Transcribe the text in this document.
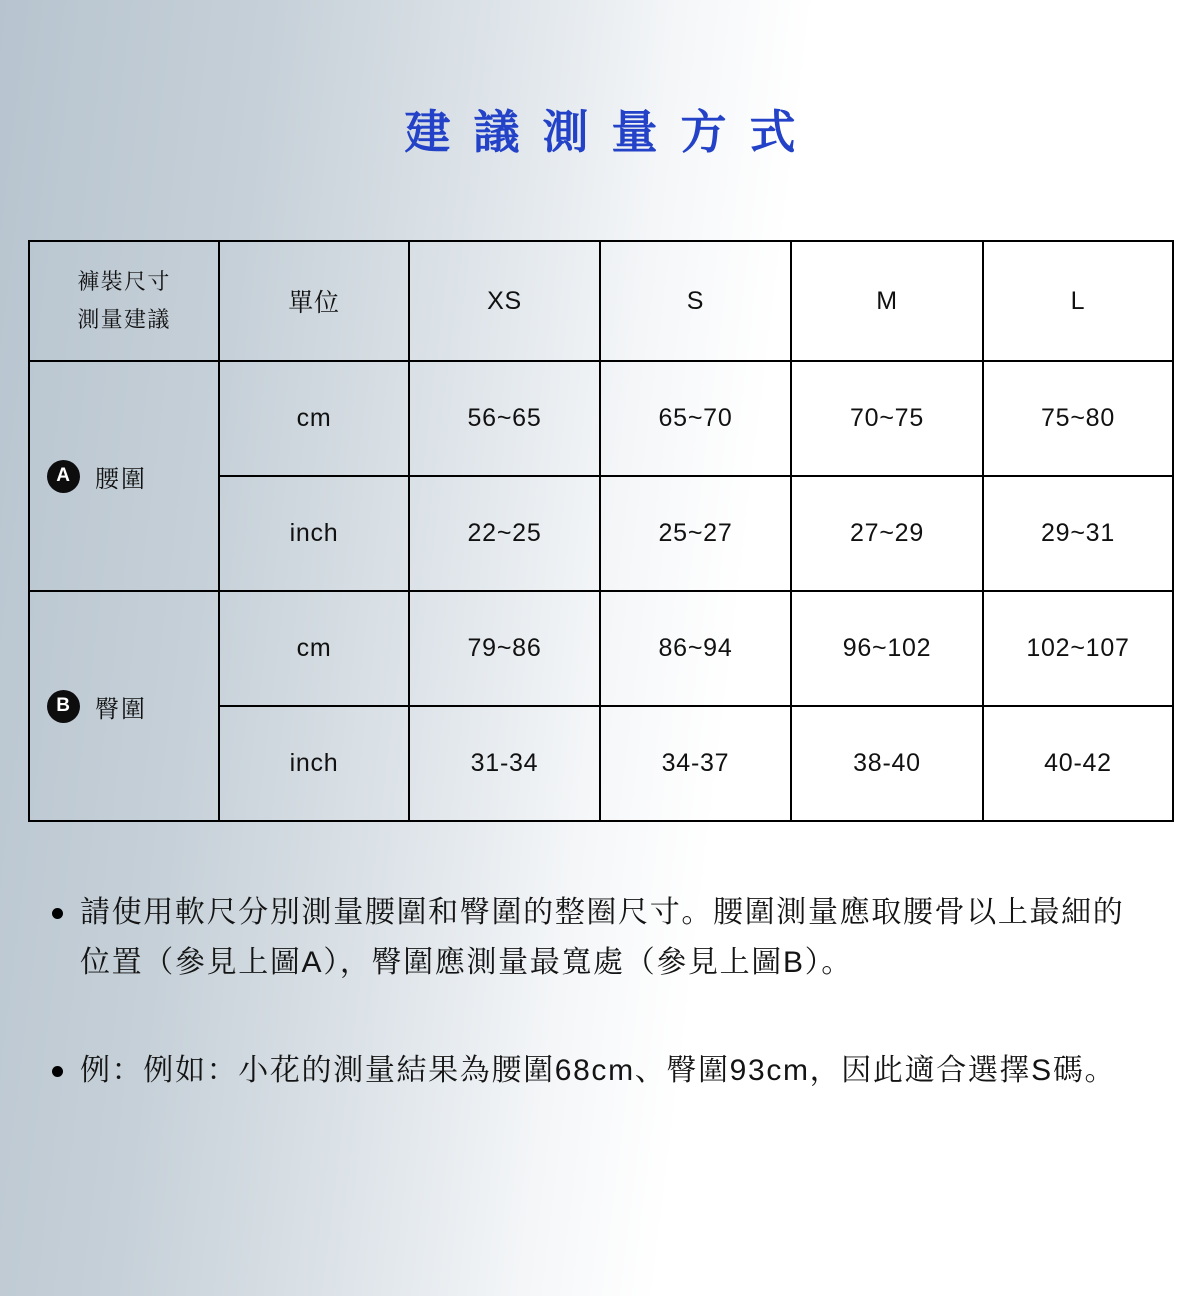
建議測量方式
褲裝尺寸
測量建議	單位	XS	S	M	L

A 腰圍	cm	56~65	65~70	70~75	75~80
	inch	22~25	25~27	27~29	29~31

B 臀圍	cm	79~86	86~94	96~102	102~107
	inch	31-34	34-37	38-40	40-42

請使用軟尺分別測量腰圍和臀圍的整圈尺寸。腰圍測量應取腰骨以上最細的位置（參見上圖A），臀圍應測量最寬處（參見上圖B）。

例：例如：小花的測量結果為腰圍68cm、臀圍93cm，因此適合選擇S碼。
